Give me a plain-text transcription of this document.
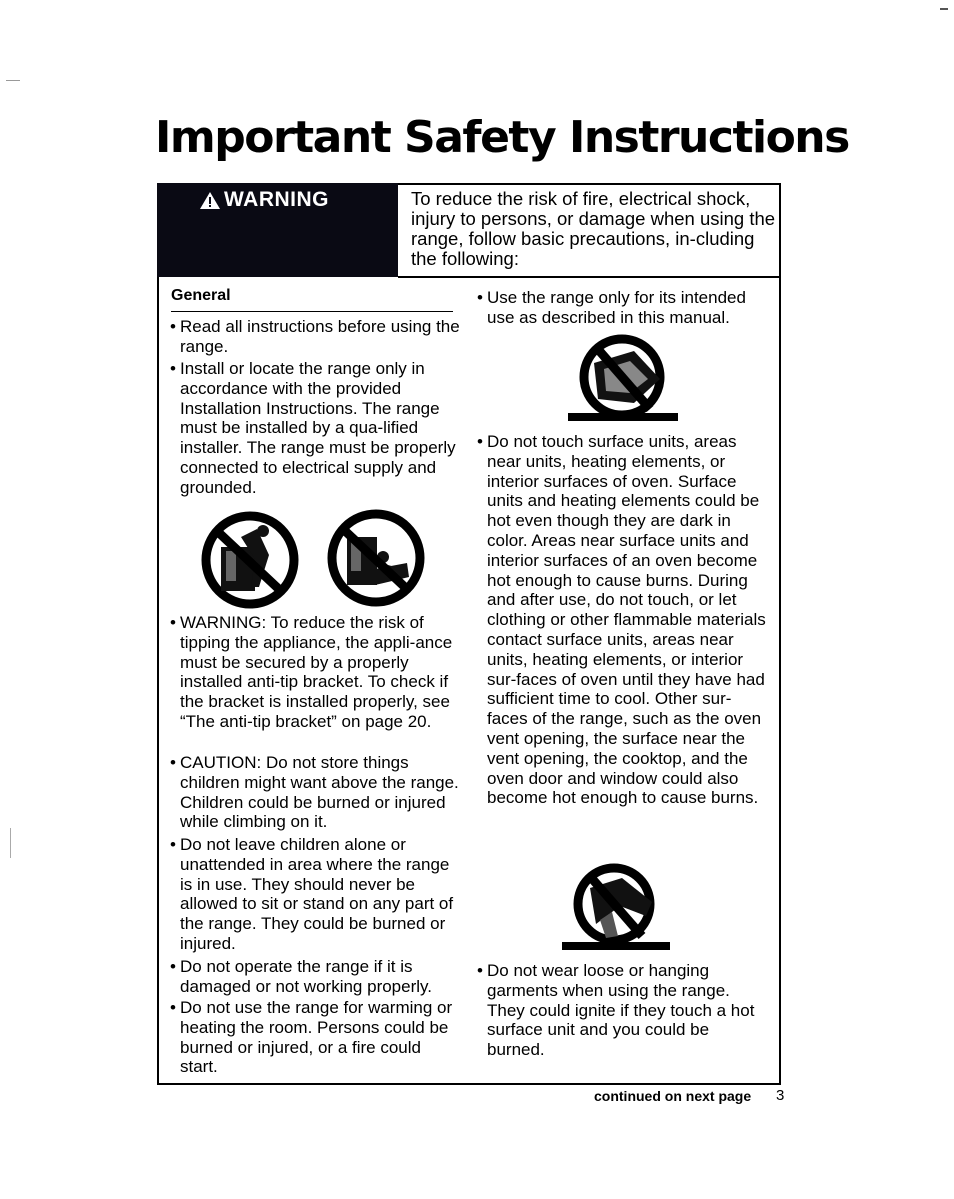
Important Safety Instructions
WARNING	To reduce the risk of fire, electrical shock, injury to persons, or damage when using the range, follow basic precautions, in-cluding the following:
General
• Read all instructions before using the range.
• Install or locate the range only in accordance with the provided Installation Instructions. The range must be installed by a qua-lified installer. The range must be properly connected to electrical supply and grounded.
• WARNING: To reduce the risk of tipping the appliance, the appli-ance must be secured by a properly installed anti-tip bracket. To check if the bracket is installed properly, see “The anti-tip bracket” on page 20.
• CAUTION: Do not store things children might want above the range. Children could be burned or injured while climbing on it.
• Do not leave children alone or unattended in area where the range is in use. They should never be allowed to sit or stand on any part of the range. They could be burned or injured.
• Do not operate the range if it is damaged or not working properly.
• Do not use the range for warming or heating the room. Persons could be burned or injured, or a fire could start.
• Use the range only for its intended use as described in this manual.
• Do not touch surface units, areas near units, heating elements, or interior surfaces of oven. Surface units and heating elements could be hot even though they are dark in color. Areas near surface units and interior surfaces of an oven become hot enough to cause burns. During and after use, do not touch, or let clothing or other flammable materials contact surface units, areas near units, heating elements, or interior sur-faces of oven until they have had sufficient time to cool. Other sur-faces of the range, such as the oven vent opening, the surface near the vent opening, the cooktop, and the oven door and window could also become hot enough to cause burns.
• Do not wear loose or hanging garments when using the range. They could ignite if they touch a hot surface unit and you could be burned.
continued on next page 3
